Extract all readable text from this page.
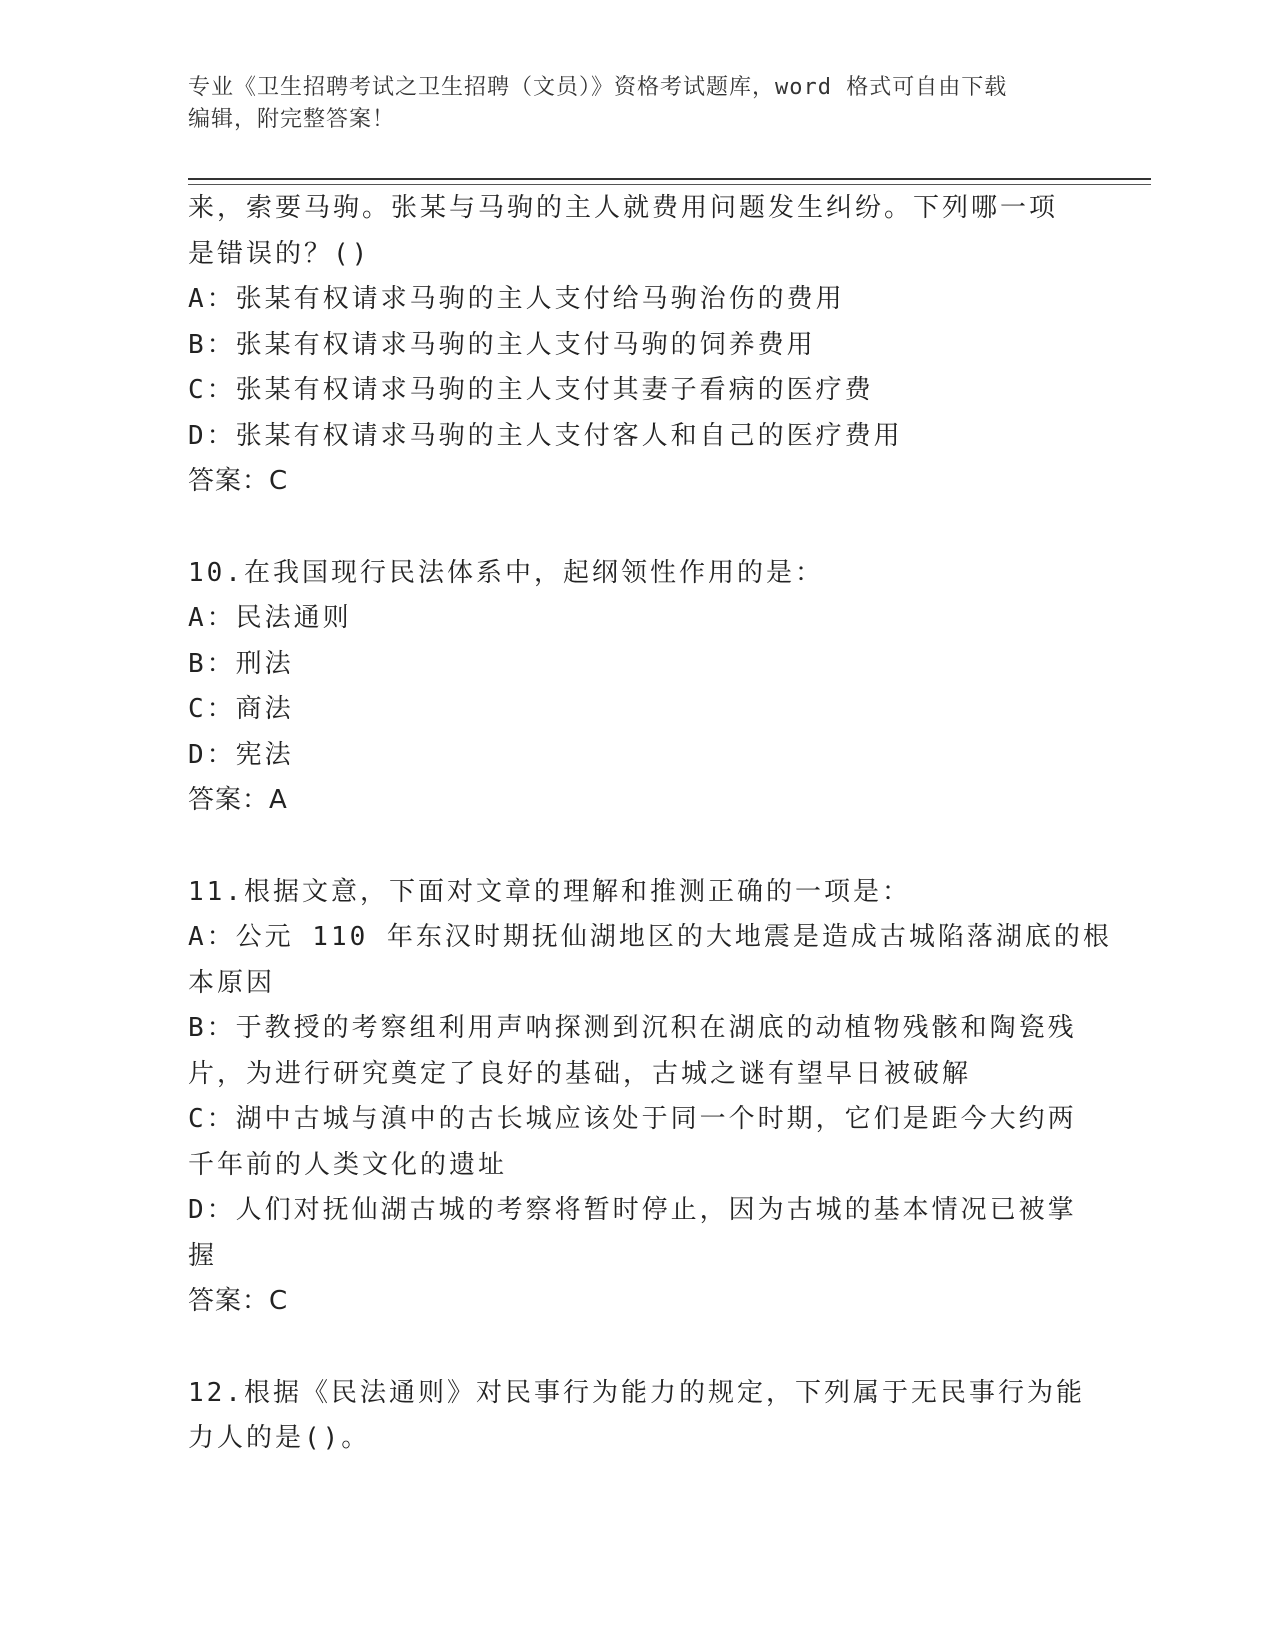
专业《卫生招聘考试之卫生招聘（文员）》资格考试题库，word 格式可自由下载
编辑，附完整答案！

来，索要马驹。张某与马驹的主人就费用问题发生纠纷。下列哪一项

是错误的？()

A：张某有权请求马驹的主人支付给马驹治伤的费用

B：张某有权请求马驹的主人支付马驹的饲养费用

C：张某有权请求马驹的主人支付其妻子看病的医疗费

D：张某有权请求马驹的主人支付客人和自己的医疗费用

答案：C

10.在我国现行民法体系中，起纲领性作用的是：

A：民法通则

B：刑法

C：商法

D：宪法

答案：A

11.根据文意，下面对文章的理解和推测正确的一项是：

A：公元 110 年东汉时期抚仙湖地区的大地震是造成古城陷落湖底的根

本原因

B：于教授的考察组利用声呐探测到沉积在湖底的动植物残骸和陶瓷残

片，为进行研究奠定了良好的基础，古城之谜有望早日被破解

C：湖中古城与滇中的古长城应该处于同一个时期，它们是距今大约两

千年前的人类文化的遗址

D：人们对抚仙湖古城的考察将暂时停止，因为古城的基本情况已被掌

握

答案：C

12.根据《民法通则》对民事行为能力的规定，下列属于无民事行为能

力人的是()。
